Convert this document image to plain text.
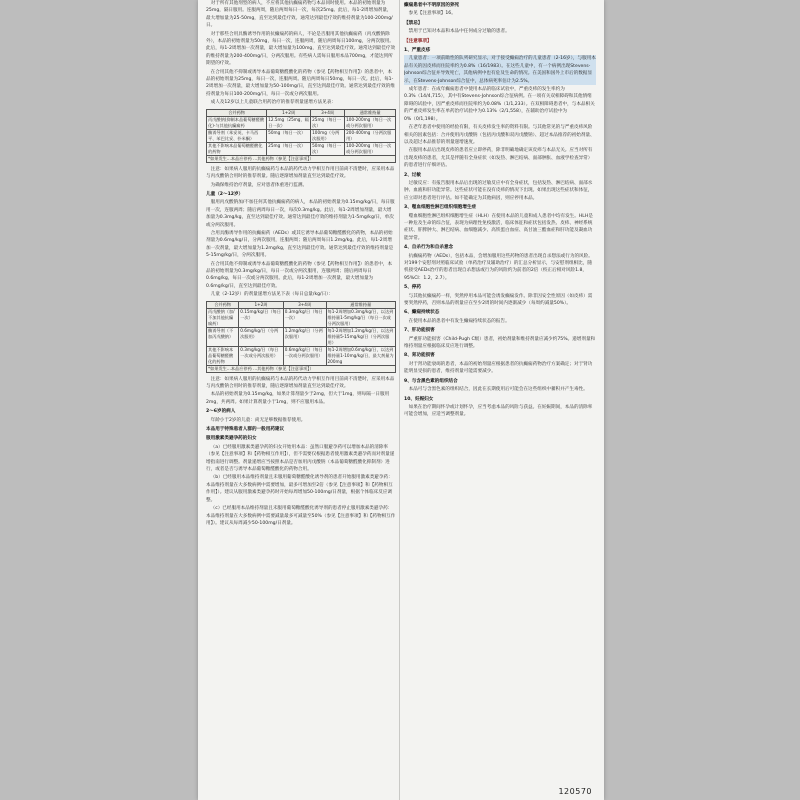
对于所有其他剂型的病人，不应将其他抗癫痫药物与本品同时使用。本品的初始剂量为25mg，隔日服用。连服两周，随后两周每日一次，每次25mg。此后，每1-2周增加剂量，最大增加量为25-50mg，直至达到最佳疗效。通常达到最佳疗效的维持剂量为100-200mg/日。

对于那些合用具酶诱导作用的抗癫痫药的病人，不论是否服用其他抗癫痫药（丙戊酸钠除外），本品的初始剂量为50mg，每日一次，连服两周，随后两周每日100mg，分两次服用。此后，每1-2周增加一次剂量，最大增加量为100mg，直至达到最佳疗效。通常达到最佳疗效的维持剂量为200-400mg/日，分两次服用。有些病人需每日服用本品700mg，才能达到所期望的疗效。

在合用其他不抑制或诱导本品葡萄糖醛酸化的药物（参见【药物相互作用】）的患者中，本品的初始剂量为25mg，每日一次，连服两周。随后两周每日50mg，每日一次。此后，每1-2周增加一次剂量，最大增加量为50-100mg/日，直至达到最佳疗效。通常达到最佳疗效的维持剂量为每日100-200mg/日，每日一次或分两次服用。

成人及12岁以上儿童联合用药治疗的推荐剂量递增方法见表：

合并药物	1+2周	3+4周	通常维持量
丙戊酸钠(抑制本品葡萄糖醛酸化)-与其他抗癫痫药	12.5mg（25mg，隔日一次）	25mg（每日一次）	100-200mg（每日一次或分两次服用）
酶诱导剂（苯妥英、卡马西平、苯巴比妥、扑米酮）	50mg（每日一次）	100mg（分两次服用）	200-400mg（分两次服用）
其他不影响本品葡萄糖醛酸化的药物	25mg（每日一次）	50mg（每日一次）	100-200mg（每日一次或分两次服用）
*如果发生...本品应停药 ...其他药物（参见【注意事项】）			

注意：如果病人服用的抗癫痫药与本品的药代动力学相互作用目前尚不清楚时，应采用本品与丙戊酸钠合用时的推荐剂量。随后逐渐增加剂量直至达到最佳疗效。

为确保维持治疗剂量，应对患者体重进行监测。

儿童（2～12岁）

服用丙戊酸钠加/不加任何其他抗癫痫药的病人，本品的初始剂量为0.15mg/kg/日，每日服用一次，连服两周；随后两周每日一次，每次0.3mg/kg。此后，每1-2周增加剂量，最大增加量为0.3mg/kg，直至达到最佳疗效。通常达到最佳疗效的维持剂量为1-5mg/kg/日，单次或分两次服用。

合用具酶诱导作用的抗癫痫药（AEDs）或其它诱导本品葡萄糖醛酸化的药物，本品的初始剂量为0.6mg/kg/日，分两次服用，连服两周；随后两周每日1.2mg/kg。此后，每1-2周增加一次剂量，最大增加量为1.2mg/kg，直至达到最佳疗效。通常达到最佳疗效的维持剂量是5-15mg/kg/日，分两次服用。

在合用其他不抑制或诱导本品葡萄糖醛酸化的药物（参见【药物相互作用】）的患者中，本品的初始剂量为0.3mg/kg/日，每日一次或分两次服用，连服两周；随后两周每日0.6mg/kg，每日一次或分两次服用。此后，每1-2周增加一次剂量，最大增加量为0.6mg/kg/日，直至达到最佳疗效。

儿童（2-12岁）的剂量递增方法见下表（每日总量/kg/日）：

合并药物	1+2周	3+4周	通常维持量
丙戊酸钠（加/不加其他抗癫痫药）	0.15mg/kg/日（每日一次）	0.3mg/kg/日（每日一次）	每1-2周增加0.3mg/kg/日，以达到维持量1-5mg/kg/日（每日一次或分两次服用）
酶诱导剂（不加丙戊酸钠）	0.6mg/kg/日（分两次服用）	1.2mg/kg/日（分两次服用）	每1-2周增加1.2mg/kg/日，以达到维持量5-15mg/kg/日（分两次服用）
其他不影响本品葡萄糖醛酸化的药物	0.3mg/kg/日（每日一次或分两次服用）	0.6mg/kg/日（每日一次或分两次服用）	每1-2周增加0.6mg/kg/日，以达到维持量1-10mg/kg/日，最大剂量为200mg
*如果发生...本品应停药 ...其他药物（参见【注意事项】）			

注意：如果病人服用的抗癫痫药与本品的药代动力学相互作用目前尚不清楚时，应采用本品与丙戊酸钠合用时的推荐剂量，随后逐渐增加剂量直至达到最佳疗效。

本品的初始剂量为0.15mg/kg，如果计算剂量少于2mg，但大于1mg，则每隔一日服用2mg，共两周。如果计算剂量小于1mg，则不应服用本品。

2～6岁的病人

年龄小于2岁的儿童：尚无足够数据推荐使用。

本品用于特殊患者人群的一般用药建议

服用激素类避孕药的妇女

（a）已经服用激素类避孕药的妇女开始用本品：虽然口服避孕药可以增加本品的清除率（参见【注意事项】和【药物相互作用】），但不需要仅根据患者使用激素类避孕药而对剂量递增指南进行调整。剂量递增应当按照本品是否加用丙戊酸钠（本品葡萄糖醛酸化抑制剂）进行，或者是否与诱导本品葡萄糖醛酸化的药物合用。

（b）已经服用本品维持剂量且未服用葡萄糖醛酸化诱导剂的患者开始服用激素类避孕药：本品维持剂量在大多数病例中需要增加，最多可增加至2倍（参见【注意事项】和【药物相互作用】）。建议从服用激素类避孕药时开始每周增加50-100mg/日剂量，根据个体临床反应调整。

（c）已经服用本品维持剂量且未服用葡萄糖醛酸化诱导剂的患者停止服用激素类避孕药：本品维持剂量在大多数病例中需要减量最多可减量至50%（参见【注意事项】和【药物相互作用】）。建议从每周减少50-100mg/日剂量。

癫痫患者中不明原因的猝死

参见【注意事项】16。

【禁忌】

禁用于已知对本品和本品中任何成分过敏的患者。

【注意事项】

1、严重皮疹

儿童患者：一项前瞻性的队列研究显示，对于接受癫痫治疗的儿童患者（2-16岁），与服用本品有关的因皮疹而住院率约为0.8%（16/1983）。在这些儿童中，有一个病例出现Stevens-Johnson综合征并导致死亡，其他病例中也有危及生命的情况。在美国和国外上市后的数据显示，在Stevens-Johnson综合征中，总体病死率估计为2.5%。

成年患者：在成年癫痫患者中使用本品的临床试验中，严重皮疹的发生率约为0.3%（14/4,715），其中有Stevens-Johnson综合征病例。在一项有关双相障碍和其他情绪障碍的试验中，因严重皮疹而住院率约为0.08%（1/1,233）。在双相障碍患者中，与本品相关的严重皮疹发生率在单药治疗试验中为0.13%（2/1,558），在辅助治疗试验中为0%（0/1,198）。

在老年患者中使用的经验有限，有关皮疹发生率的资料有限。与其他常见的与严重皮疹风险相关的因素包括：合并使用丙戊酸钠（包括丙戊酸和双丙戊酸钠）、超过本品推荐的初始剂量、以及超过本品推荐的剂量递增速度。

在服用本品后出现皮疹的患者应立即停药，除非明确地确定该皮疹与本品无关。应当对所有出现皮疹的患者，尤其是伴随有全身症状（如发热、淋巴结病、面部肿胀、血液学检查异常）的患者进行仔细评估。

2、过敏

过敏反应：有报告服用本品后出现的过敏反应中有全身症状，包括发热、淋巴结病、面部水肿、血液和肝功能异常。这些症状可能在没有皮疹的情况下出现。如果出现这些症状和体征，应立即对患者进行评估。如不能确定为其他病因，则应停用本品。

3、噬血细胞性淋巴组织细胞增生症

噬血细胞性淋巴组织细胞增生症（HLH）在使用本品的儿童和成人患者中均有发生。HLH是一种危及生命的综合征，表现为病理性免疫激活，临床体征和症状包括发热、皮疹、神经系统症状、肝脾肿大、淋巴结病、血细胞减少、高铁蛋白血症、高甘油三酯血症和肝功能及凝血功能异常。

4、自杀行为和自杀意念

抗癫痫药物（AEDs），包括本品，会增加服用这些药物的患者出现自杀想法或行为的风险。对199个安慰剂对照临床试验（单药治疗及辅助治疗）的汇总分析显示，与安慰剂组相比，随机接受AEDs治疗的患者出现自杀想法或行为的风险约为前者的2倍（校正后相对风险1.8，95%CI：1.2，2.7）。

5、停药

与其他抗癫痫药一样，突然停用本品可能会诱发癫痫发作。除非因安全性原因（如皮疹）需要突然停药，否则本品的剂量应在至少2周的时间内逐渐减少（每周约减量50%）。

6、癫痫持续状态

在使用本品的患者中有发生癫痫持续状态的报告。

7、肝功能损害

严重肝功能损害（Child-Pugh C级）患者，初始剂量和维持剂量应减少约75%。递增剂量和维持剂量应根据临床反应进行调整。

8、肾功能损害

对于肾功能衰竭的患者，本品的初始剂量应根据患者的抗癫痫药物治疗方案确定；对于肾功能明显受损的患者，维持剂量可能需要减少。

9、与含黑色素的组织结合

本品可与含黑色素的组织结合，因此在长期使用后可能会在这些组织中蓄积并产生毒性。

10、妊娠妇女

如果在治疗期间怀孕或计划怀孕，应当考虑本品的风险与获益。在妊娠期间，本品的清除率可能会增加，应适当调整剂量。

120570
